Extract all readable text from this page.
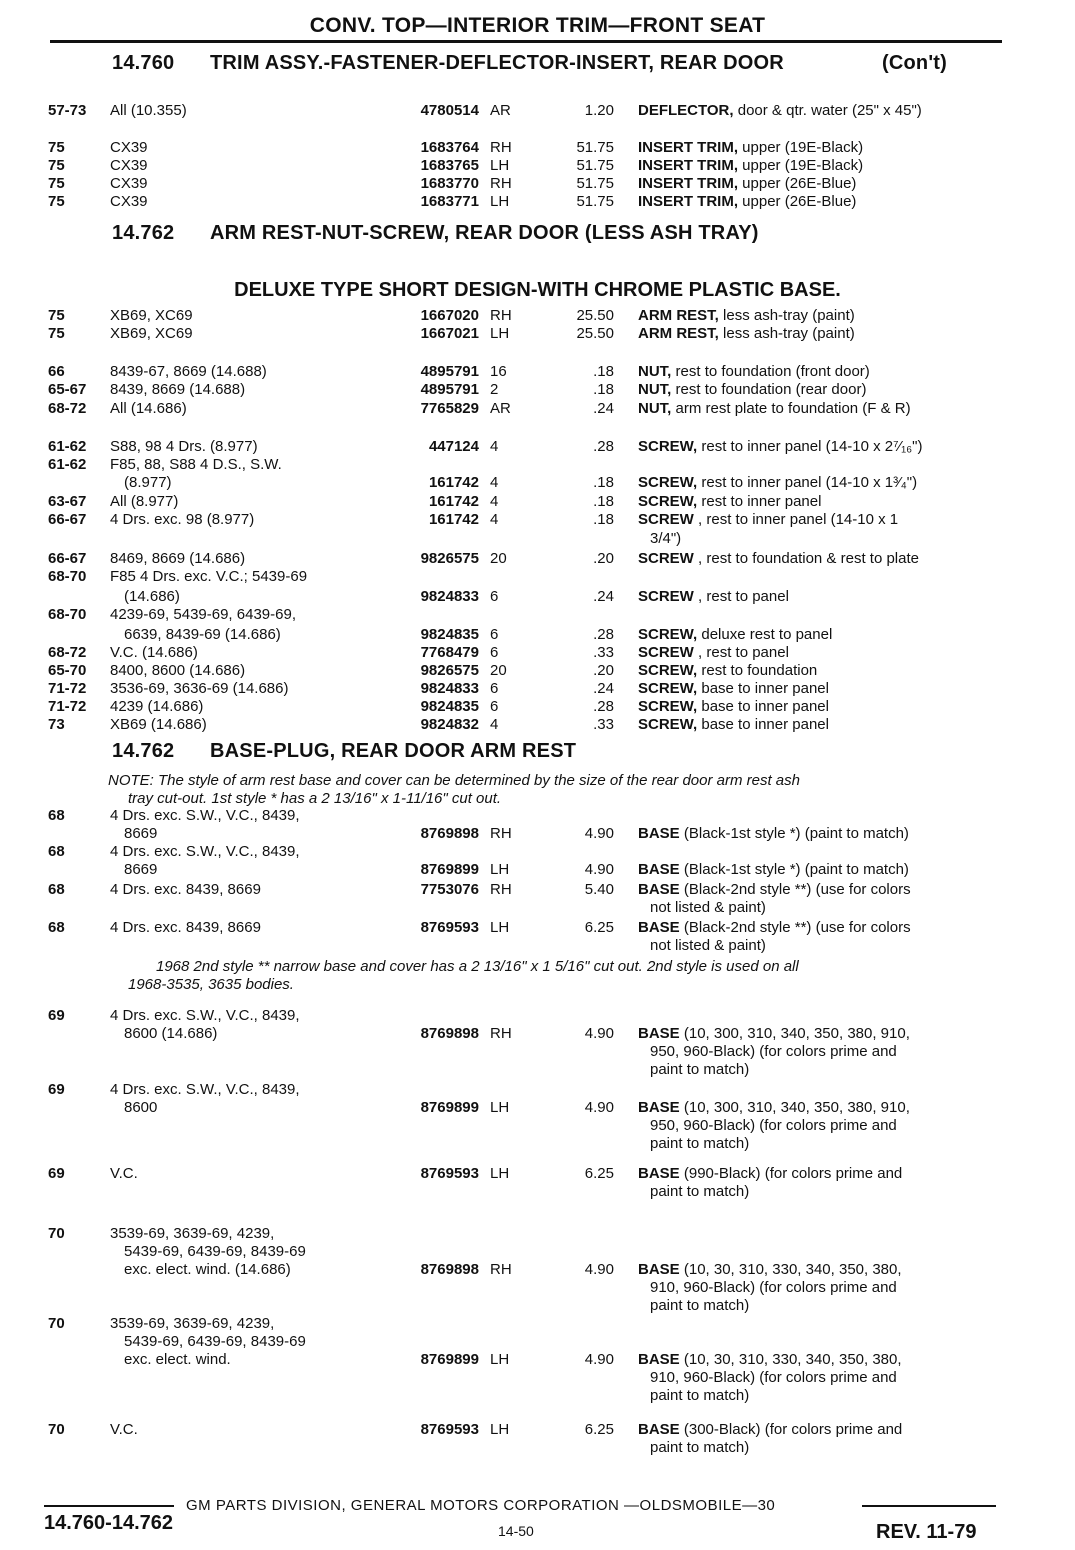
CONV. TOP—INTERIOR TRIM—FRONT SEAT
14.760 TRIM ASSY.-FASTENER-DEFLECTOR-INSERT, REAR DOOR	(Con't)
14.762 ARM REST-NUT-SCREW, REAR DOOR (LESS ASH TRAY)
DELUXE TYPE SHORT DESIGN-WITH CHROME PLASTIC BASE.
14.762 BASE-PLUG, REAR DOOR ARM REST
NOTE: The style of arm rest base and cover can be determined by the size of the rear door arm rest ash
tray cut-out. 1st style * has a 2 13/16" x 1-11/16" cut out.
1968 2nd style ** narrow base and cover has a 2 13/16" x 1 5/16" cut out. 2nd style is used on all
1968-3535, 3635 bodies.
57-73 All (10.355)	4780514 AR	1.20 DEFLECTOR, door & qtr. water (25" x 45")
75	CX39	1683764 RH	51.75 INSERT TRIM, upper (19E-Black)
75	CX39	1683765 LH	51.75 INSERT TRIM, upper (19E-Black)
75	CX39	1683770 RH	51.75 INSERT TRIM, upper (26E-Blue)
75	CX39	1683771 LH	51.75 INSERT TRIM, upper (26E-Blue)
75	XB69, XC69	1667020 RH	25.50 ARM REST, less ash-tray (paint)
75	XB69, XC69	1667021 LH	25.50 ARM REST, less ash-tray (paint)
66	8439-67, 8669 (14.688)	4895791 16	.18 NUT, rest to foundation (front door)
65-67 8439, 8669 (14.688)	4895791 2	.18 NUT, rest to foundation (rear door)
68-72 All (14.686)	7765829 AR	.24 NUT, arm rest plate to foundation (F & R)
61-62 S88, 98 4 Drs. (8.977)	447124 4	.28 SCREW, rest to inner panel (14-10 x 2⁷⁄₁₆")
61-62 F85, 88, S88 4 D.S., S.W.
(8.977)	161742 4	.18 SCREW, rest to inner panel (14-10 x 1³⁄₄")
63-67 All (8.977)	161742 4	.18 SCREW, rest to inner panel
66-67 4 Drs. exc. 98 (8.977)	161742 4	.18 SCREW , rest to inner panel (14-10 x 1
3/4")
66-67 8469, 8669 (14.686)	9826575 20	.20 SCREW , rest to foundation & rest to plate
68-70 F85 4 Drs. exc. V.C.; 5439-69
(14.686)	9824833 6	.24 SCREW , rest to panel
68-70 4239-69, 5439-69, 6439-69,
6639, 8439-69 (14.686)	9824835 6	.28 SCREW, deluxe rest to panel
68-72 V.C. (14.686)	7768479 6	.33 SCREW , rest to panel
65-70 8400, 8600 (14.686)	9826575 20	.20 SCREW, rest to foundation
71-72 3536-69, 3636-69 (14.686)	9824833 6	.24 SCREW, base to inner panel
71-72 4239 (14.686)	9824835 6	.28 SCREW, base to inner panel
73	XB69 (14.686)	9824832 4	.33 SCREW, base to inner panel
68	4 Drs. exc. S.W., V.C., 8439,
8669	8769898 RH	4.90 BASE (Black-1st style *) (paint to match)
68	4 Drs. exc. S.W., V.C., 8439,
8669	8769899 LH	4.90 BASE (Black-1st style *) (paint to match)
68	4 Drs. exc. 8439, 8669	7753076 RH	5.40 BASE (Black-2nd style **) (use for colors
not listed & paint)
68	4 Drs. exc. 8439, 8669	8769593 LH	6.25 BASE (Black-2nd style **) (use for colors
not listed & paint)
69	4 Drs. exc. S.W., V.C., 8439,
8600 (14.686)	8769898 RH	4.90 BASE (10, 300, 310, 340, 350, 380, 910,
950, 960-Black) (for colors prime and
paint to match)
69	4 Drs. exc. S.W., V.C., 8439,
8600	8769899 LH	4.90 BASE (10, 300, 310, 340, 350, 380, 910,
950, 960-Black) (for colors prime and
paint to match)
69	V.C.	8769593 LH	6.25 BASE (990-Black) (for colors prime and
paint to match)
70	3539-69, 3639-69, 4239,
5439-69, 6439-69, 8439-69
exc. elect. wind. (14.686)	8769898 RH	4.90 BASE (10, 30, 310, 330, 340, 350, 380,
910, 960-Black) (for colors prime and
paint to match)
70	3539-69, 3639-69, 4239,
5439-69, 6439-69, 8439-69
exc. elect. wind.	8769899 LH	4.90 BASE (10, 30, 310, 330, 340, 350, 380,
910, 960-Black) (for colors prime and
paint to match)
70	V.C.	8769593 LH	6.25 BASE (300-Black) (for colors prime and
paint to match)
GM PARTS DIVISION, GENERAL MOTORS CORPORATION —OLDSMOBILE—30
14.760-14.762	14-50	REV. 11-79
